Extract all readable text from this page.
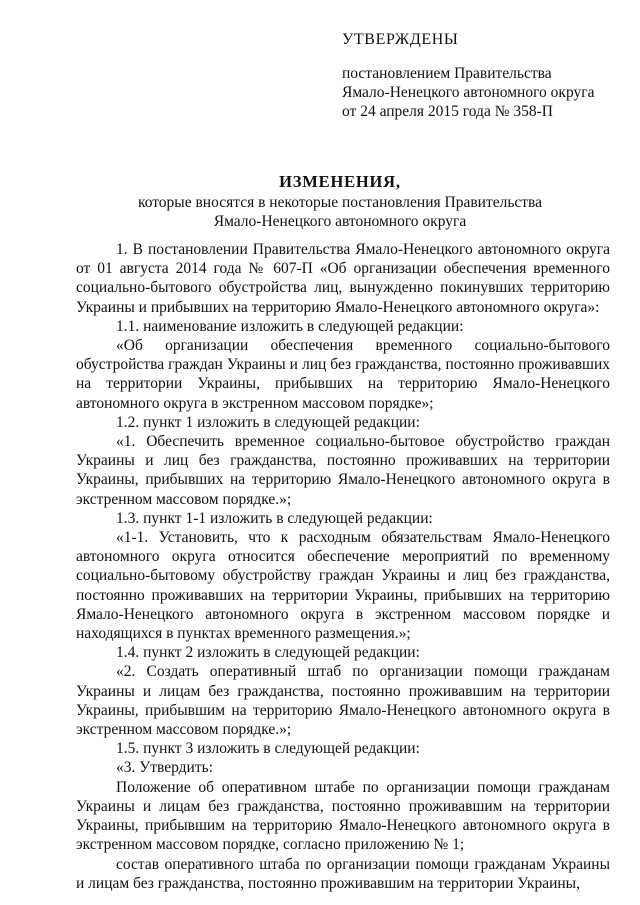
УТВЕРЖДЕНЫ
постановлением Правительства
Ямало-Ненецкого автономного округа
от 24 апреля 2015 года № 358-П
ИЗМЕНЕНИЯ,
которые вносятся в некоторые постановления Правительства
Ямало-Ненецкого автономного округа

1. В постановлении Правительства Ямало-Ненецкого автономного округа от 01 августа 2014 года № 607-П «Об организации обеспечения временного социально-бытового обустройства лиц, вынужденно покинувших территорию Украины и прибывших на территорию Ямало-Ненецкого автономного округа»:

1.1. наименование изложить в следующей редакции:

«Об организации обеспечения временного социально-бытового обустройства граждан Украины и лиц без гражданства, постоянно проживавших на территории Украины, прибывших на территорию Ямало-Ненецкого автономного округа в экстренном массовом порядке»;

1.2. пункт 1 изложить в следующей редакции:

«1. Обеспечить временное социально-бытовое обустройство граждан Украины и лиц без гражданства, постоянно проживавших на территории Украины, прибывших на территорию Ямало-Ненецкого автономного округа в экстренном массовом порядке.»;

1.3. пункт 1-1 изложить в следующей редакции:

«1-1. Установить, что к расходным обязательствам Ямало-Ненецкого автономного округа относится обеспечение мероприятий по временному социально-бытовому обустройству граждан Украины и лиц без гражданства, постоянно проживавших на территории Украины, прибывших на территорию Ямало-Ненецкого автономного округа в экстренном массовом порядке и находящихся в пунктах временного размещения.»;

1.4. пункт 2 изложить в следующей редакции:

«2. Создать оперативный штаб по организации помощи гражданам Украины и лицам без гражданства, постоянно проживавшим на территории Украины, прибывшим на территорию Ямало-Ненецкого автономного округа в экстренном массовом порядке.»;

1.5. пункт 3 изложить в следующей редакции:

«3. Утвердить:

Положение об оперативном штабе по организации помощи гражданам Украины и лицам без гражданства, постоянно проживавшим на территории Украины, прибывшим на территорию Ямало-Ненецкого автономного округа в экстренном массовом порядке, согласно приложению № 1;

состав оперативного штаба по организации помощи гражданам Украины и лицам без гражданства, постоянно проживавшим на территории Украины,
